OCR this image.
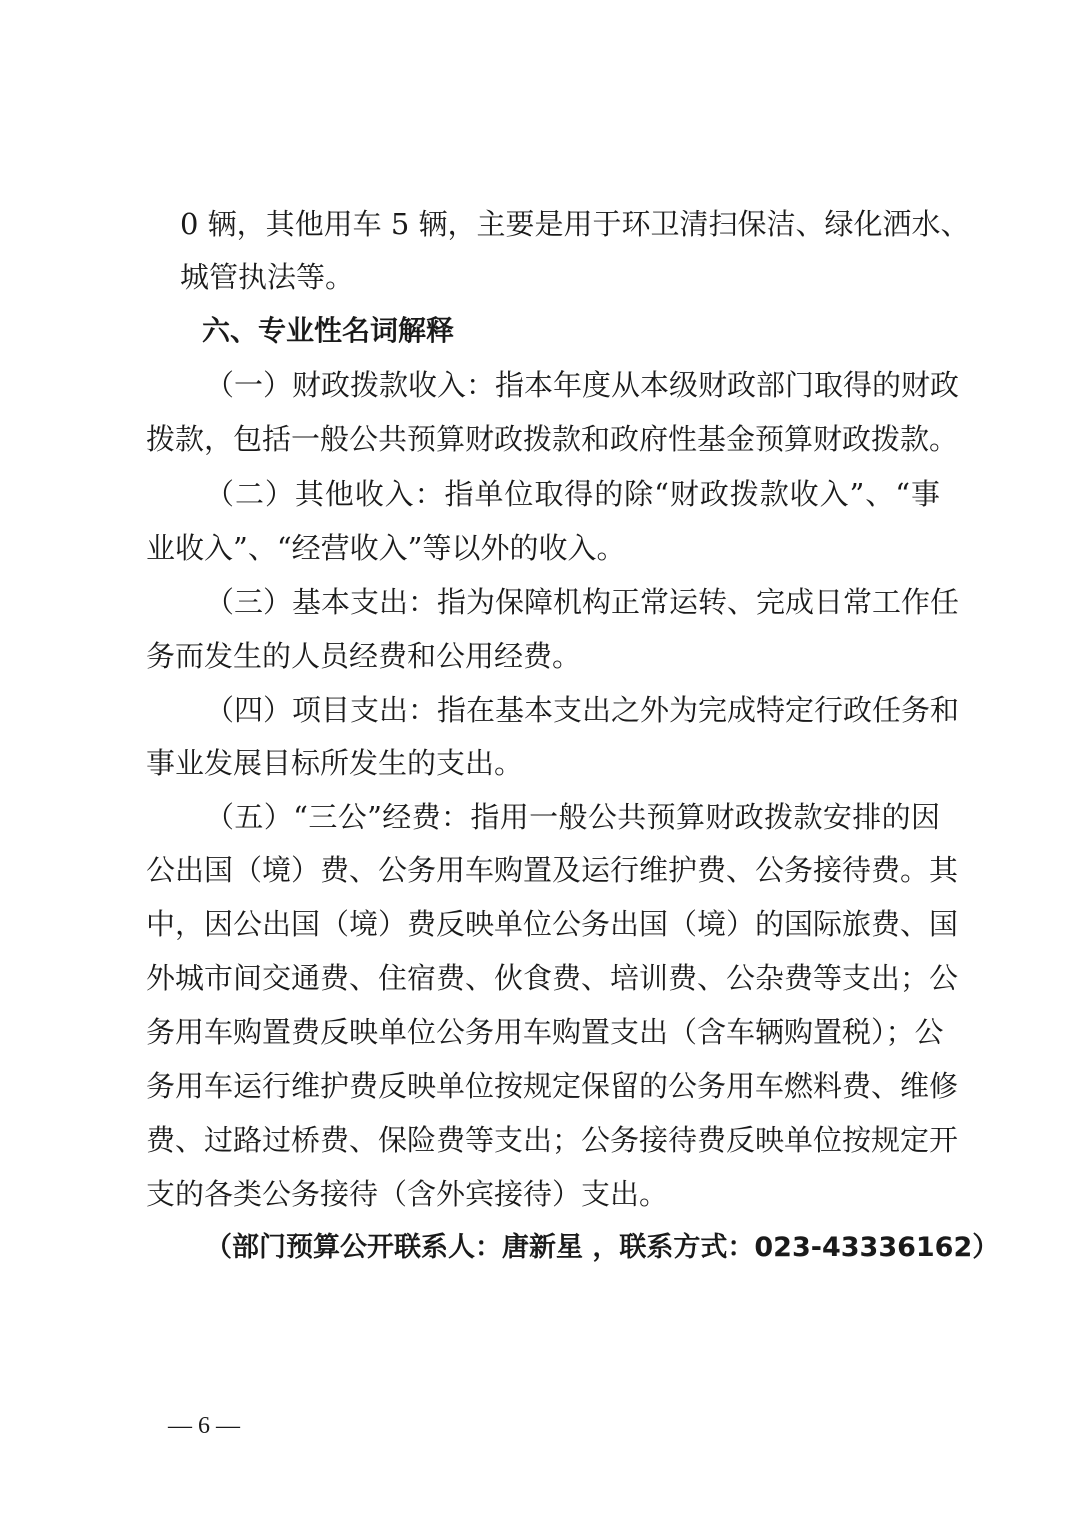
0 辆，其他用车 5 辆，主要是用于环卫清扫保洁、绿化洒水、
城管执法等。
六、专业性名词解释
（一）财政拨款收入：指本年度从本级财政部门取得的财政
拨款，包括一般公共预算财政拨款和政府性基金预算财政拨款。
（二）其他收入：指单位取得的除“财政拨款收入”、“事
业收入”、“经营收入”等以外的收入。
（三）基本支出：指为保障机构正常运转、完成日常工作任
务而发生的人员经费和公用经费。
（四）项目支出：指在基本支出之外为完成特定行政任务和
事业发展目标所发生的支出。
（五）“三公”经费：指用一般公共预算财政拨款安排的因
公出国（境）费、公务用车购置及运行维护费、公务接待费。其
中，因公出国（境）费反映单位公务出国（境）的国际旅费、国
外城市间交通费、住宿费、伙食费、培训费、公杂费等支出；公
务用车购置费反映单位公务用车购置支出（含车辆购置税）；公
务用车运行维护费反映单位按规定保留的公务用车燃料费、维修
费、过路过桥费、保险费等支出；公务接待费反映单位按规定开
支的各类公务接待（含外宾接待）支出。
（部门预算公开联系人：唐新星 ，联系方式：023-43336162）
— 6 —
